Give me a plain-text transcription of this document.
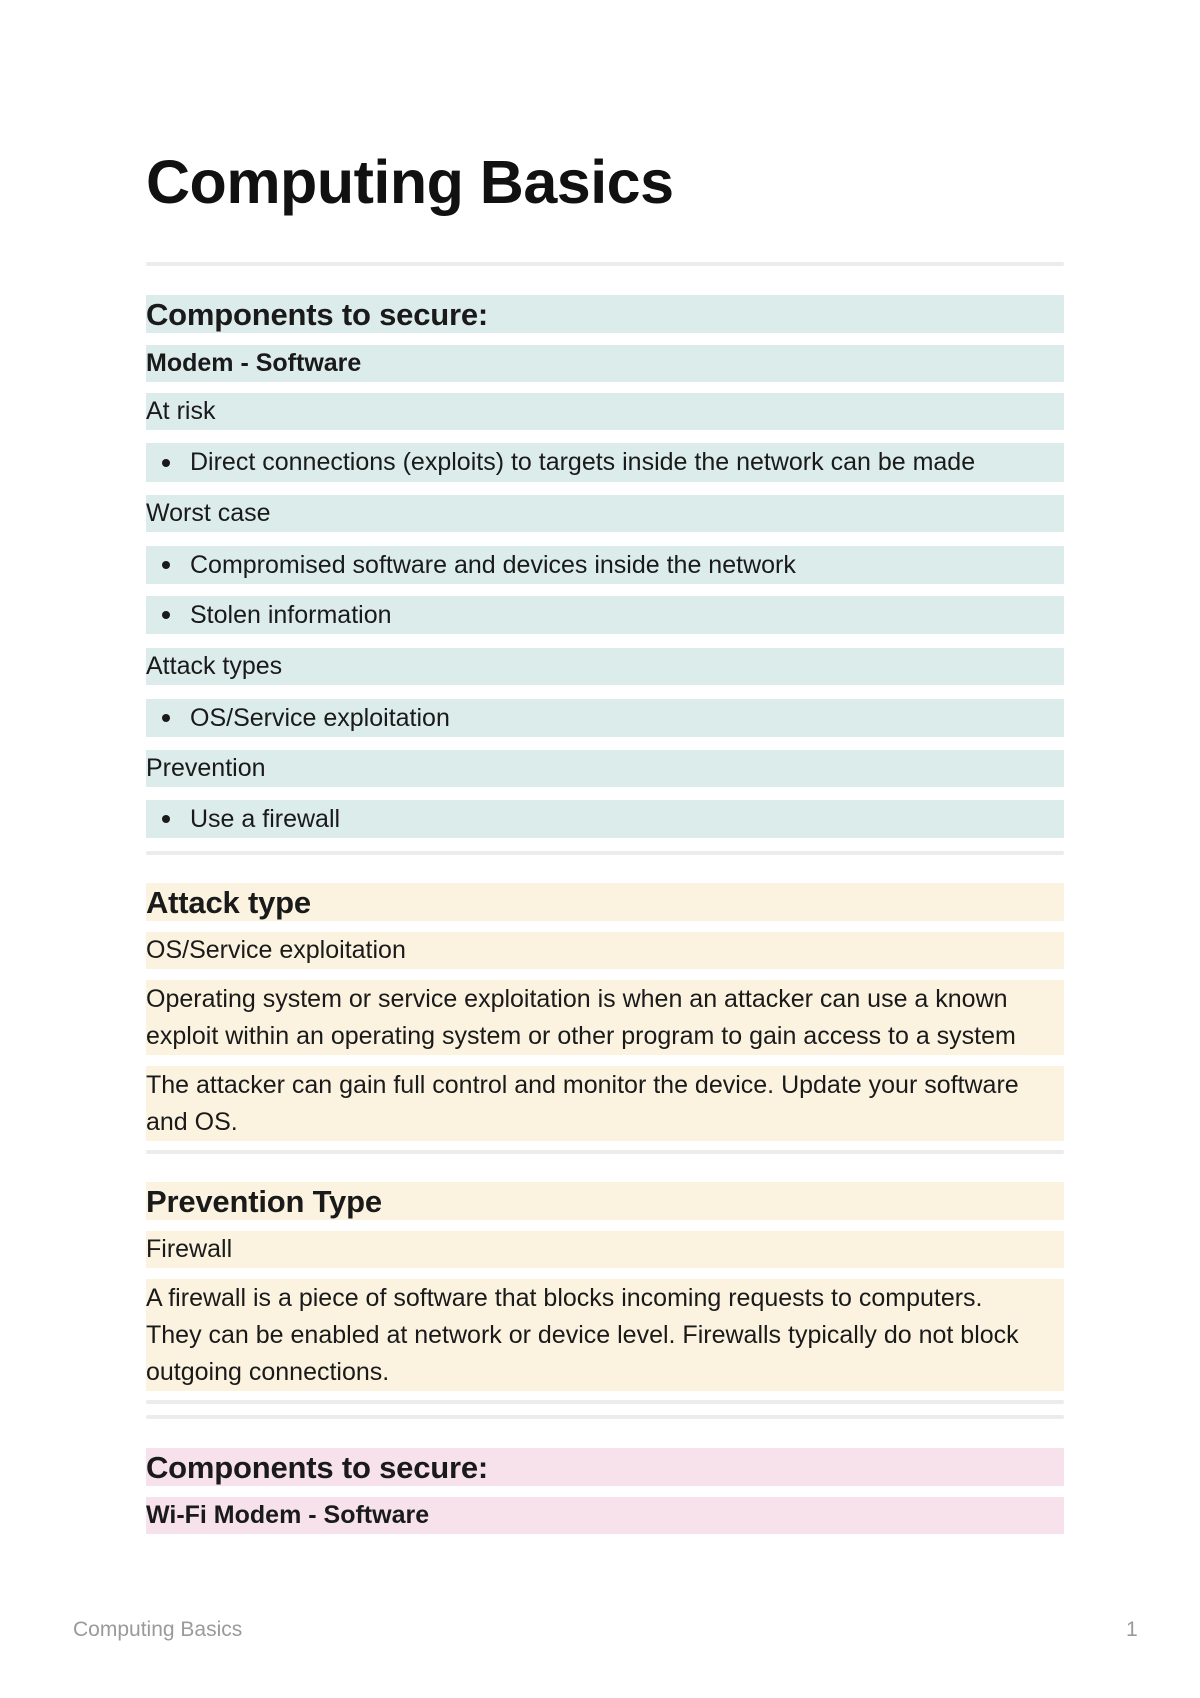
Computing Basics
Components to secure:
Modem - Software
At risk
Direct connections (exploits) to targets inside the network can be made
Worst case
Compromised software and devices inside the network
Stolen information
Attack types
OS/Service exploitation
Prevention
Use a firewall
Attack type
OS/Service exploitation
Operating system or service exploitation is when an attacker can use a known
exploit within an operating system or other program to gain access to a system
The attacker can gain full control and monitor the device. Update your software
and OS.
Prevention Type
Firewall
A firewall is a piece of software that blocks incoming requests to computers.
They can be enabled at network or device level. Firewalls typically do not block
outgoing connections.
Components to secure:
Wi-Fi Modem - Software
Computing Basics	1
